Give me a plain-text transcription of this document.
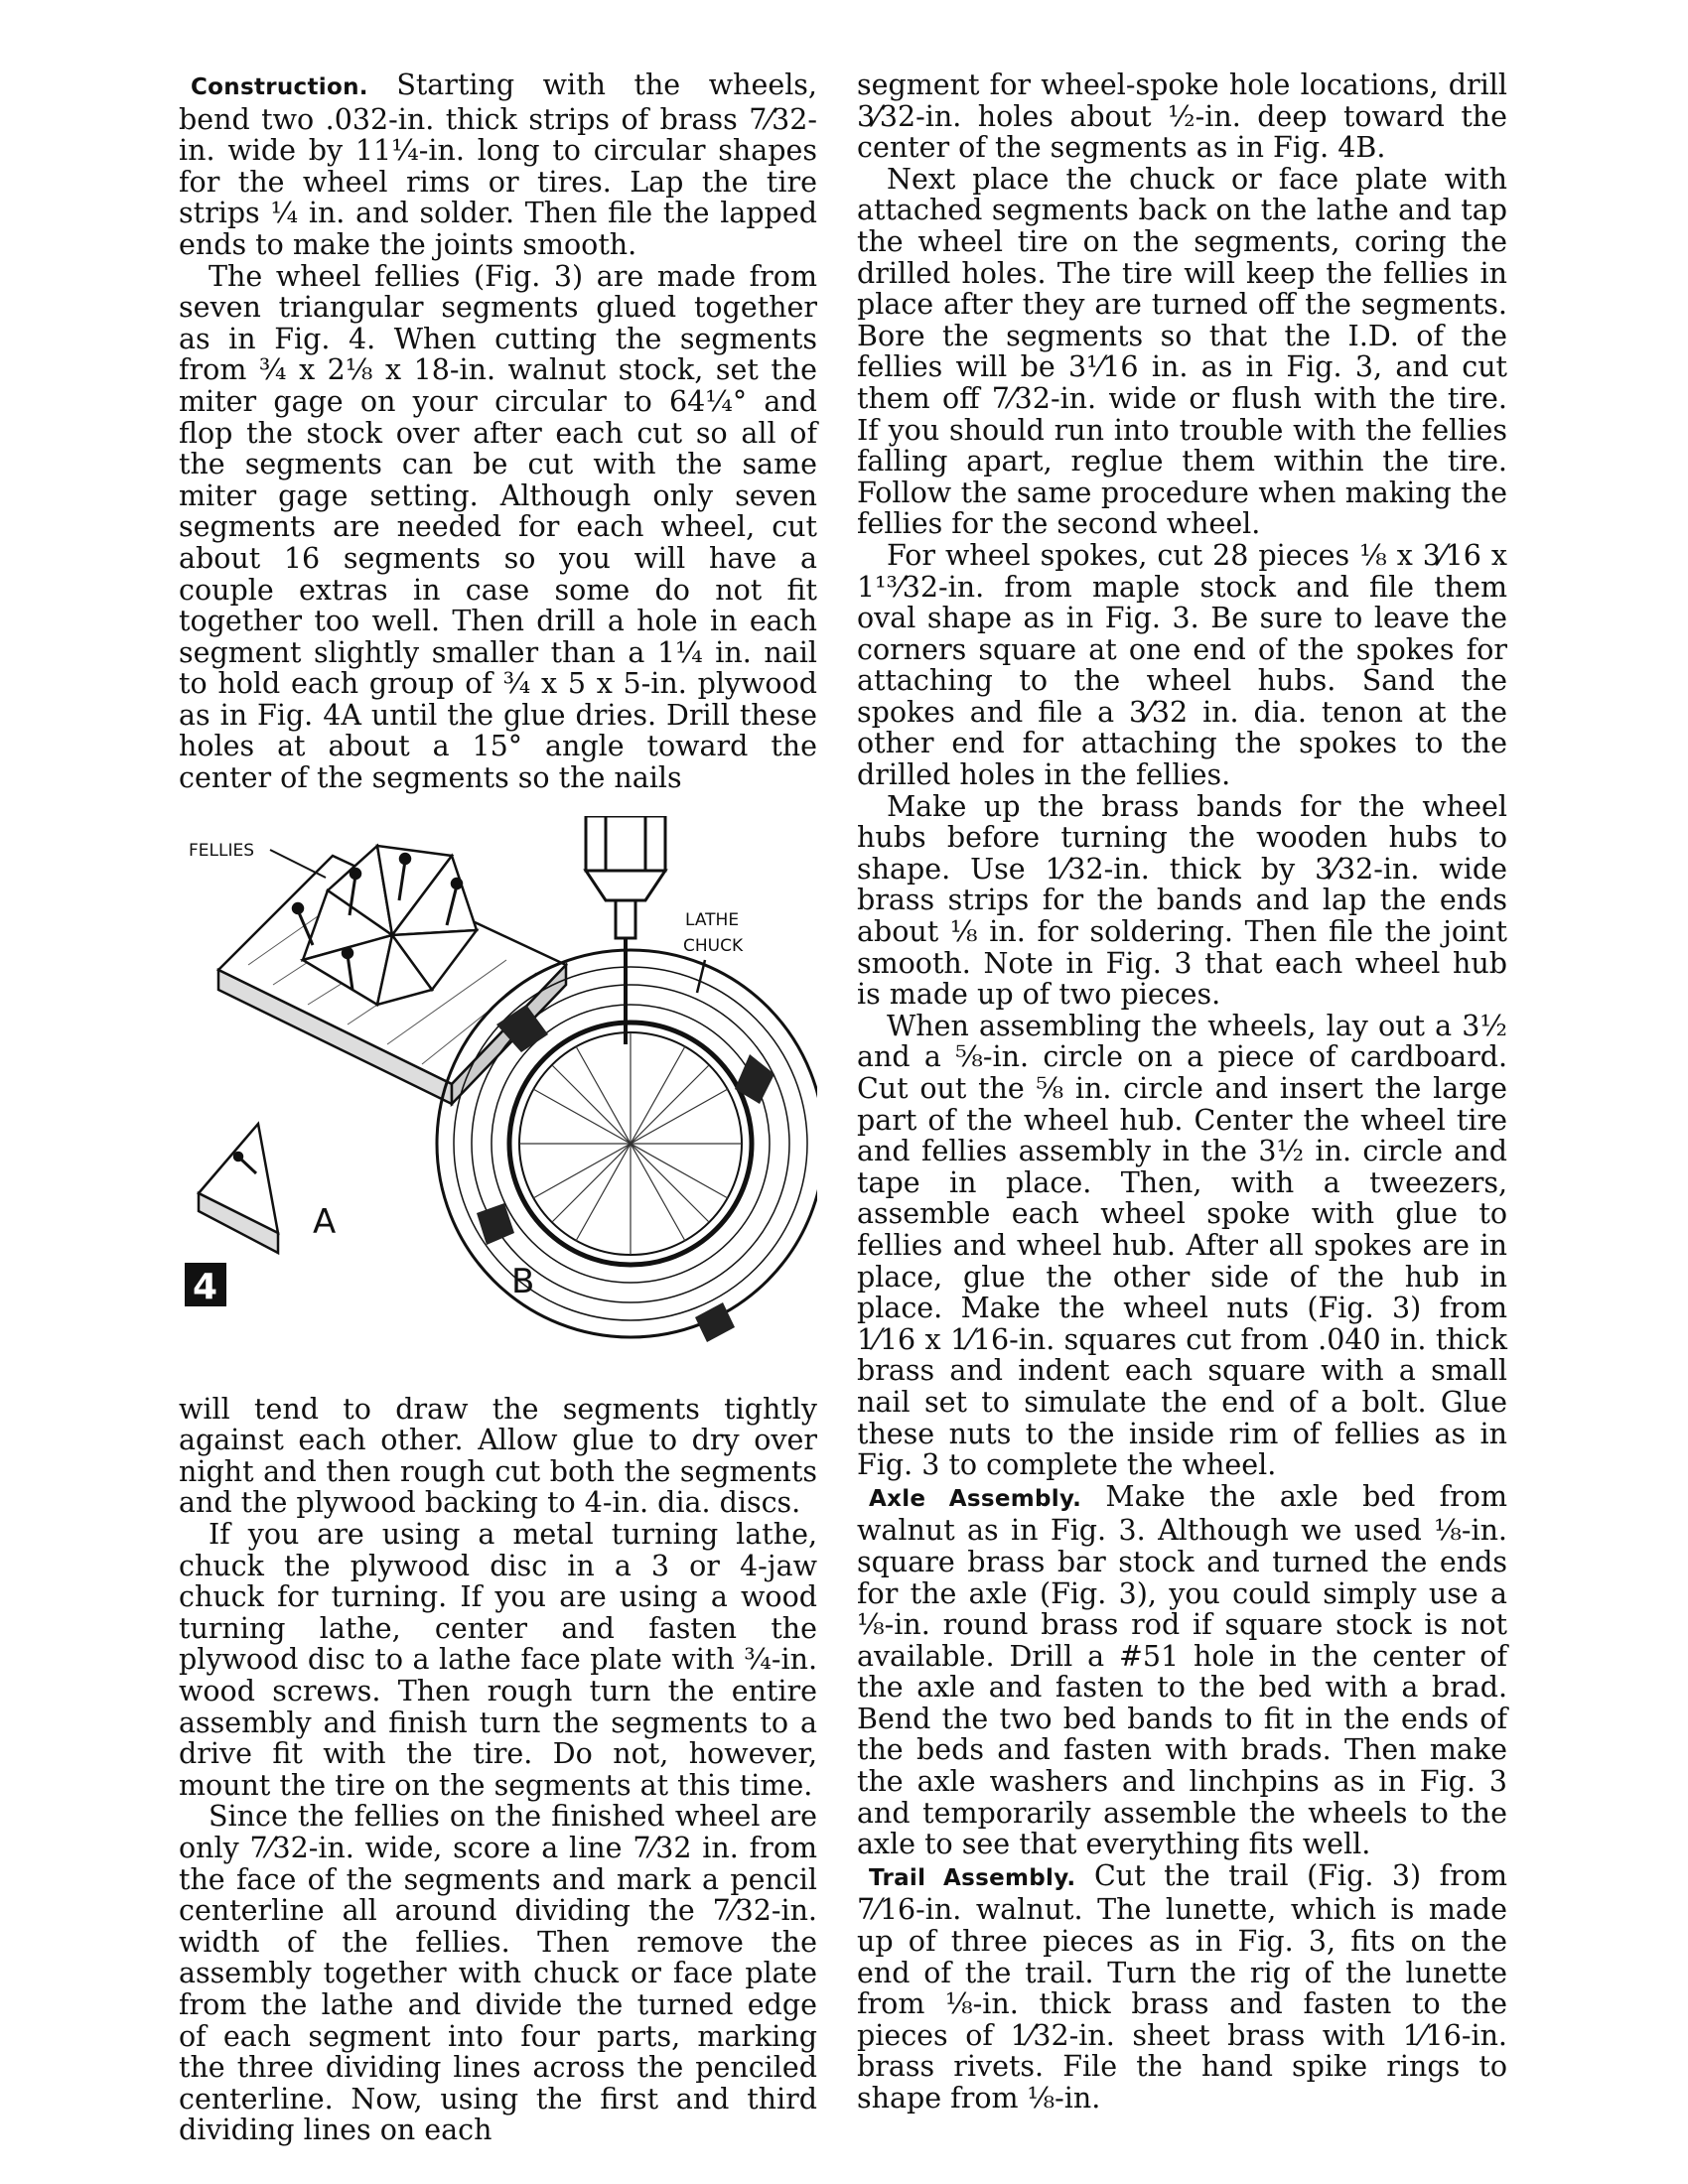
Construction. Starting with the wheels, bend two .032-in. thick strips of brass 7⁄32-in. wide by 11¼-in. long to circular shapes for the wheel rims or tires. Lap the tire strips ¼ in. and solder. Then file the lapped ends to make the joints smooth.

The wheel fellies (Fig. 3) are made from seven triangular segments glued together as in Fig. 4. When cutting the segments from ¾ x 2⅛ x 18-in. walnut stock, set the miter gage on your circular to 64¼° and flop the stock over after each cut so all of the segments can be cut with the same miter gage setting. Although only seven segments are needed for each wheel, cut about 16 segments so you will have a couple extras in case some do not fit together too well. Then drill a hole in each segment slightly smaller than a 1¼ in. nail to hold each group of ¾ x 5 x 5-in. plywood as in Fig. 4A until the glue dries. Drill these holes at about a 15° angle toward the center of the segments so the nails

FELLIES
LATHE
CHUCK
A
B
4

will tend to draw the segments tightly against each other. Allow glue to dry over night and then rough cut both the segments and the plywood backing to 4-in. dia. discs.

If you are using a metal turning lathe, chuck the plywood disc in a 3 or 4-jaw chuck for turning. If you are using a wood turning lathe, center and fasten the plywood disc to a lathe face plate with ¾-in. wood screws. Then rough turn the entire assembly and finish turn the segments to a drive fit with the tire. Do not, however, mount the tire on the segments at this time.

Since the fellies on the finished wheel are only 7⁄32-in. wide, score a line 7⁄32 in. from the face of the segments and mark a pencil centerline all around dividing the 7⁄32-in. width of the fellies. Then remove the assembly together with chuck or face plate from the lathe and divide the turned edge of each segment into four parts, marking the three dividing lines across the penciled centerline. Now, using the first and third dividing lines on each

segment for wheel-spoke hole locations, drill 3⁄32-in. holes about ½-in. deep toward the center of the segments as in Fig. 4B.

Next place the chuck or face plate with attached segments back on the lathe and tap the wheel tire on the segments, coring the drilled holes. The tire will keep the fellies in place after they are turned off the segments. Bore the segments so that the I.D. of the fellies will be 3⅟16 in. as in Fig. 3, and cut them off 7⁄32-in. wide or flush with the tire. If you should run into trouble with the fellies falling apart, reglue them within the tire. Follow the same procedure when making the fellies for the second wheel.

For wheel spokes, cut 28 pieces ⅛ x 3⁄16 x 1¹³⁄32-in. from maple stock and file them oval shape as in Fig. 3. Be sure to leave the corners square at one end of the spokes for attaching to the wheel hubs. Sand the spokes and file a 3⁄32 in. dia. tenon at the other end for attaching the spokes to the drilled holes in the fellies.

Make up the brass bands for the wheel hubs before turning the wooden hubs to shape. Use 1⁄32-in. thick by 3⁄32-in. wide brass strips for the bands and lap the ends about ⅛ in. for soldering. Then file the joint smooth. Note in Fig. 3 that each wheel hub is made up of two pieces.

When assembling the wheels, lay out a 3½ and a ⅝-in. circle on a piece of cardboard. Cut out the ⅝ in. circle and insert the large part of the wheel hub. Center the wheel tire and fellies assembly in the 3½ in. circle and tape in place. Then, with a tweezers, assemble each wheel spoke with glue to fellies and wheel hub. After all spokes are in place, glue the other side of the hub in place. Make the wheel nuts (Fig. 3) from 1⁄16 x 1⁄16-in. squares cut from .040 in. thick brass and indent each square with a small nail set to simulate the end of a bolt. Glue these nuts to the inside rim of fellies as in Fig. 3 to complete the wheel.

Axle Assembly. Make the axle bed from walnut as in Fig. 3. Although we used ⅛-in. square brass bar stock and turned the ends for the axle (Fig. 3), you could simply use a ⅛-in. round brass rod if square stock is not available. Drill a #51 hole in the center of the axle and fasten to the bed with a brad. Bend the two bed bands to fit in the ends of the beds and fasten with brads. Then make the axle washers and linchpins as in Fig. 3 and temporarily assemble the wheels to the axle to see that everything fits well.

Trail Assembly. Cut the trail (Fig. 3) from 7⁄16-in. walnut. The lunette, which is made up of three pieces as in Fig. 3, fits on the end of the trail. Turn the rig of the lunette from ⅛-in. thick brass and fasten to the pieces of 1⁄32-in. sheet brass with 1⁄16-in. brass rivets. File the hand spike rings to shape from ⅛-in.
